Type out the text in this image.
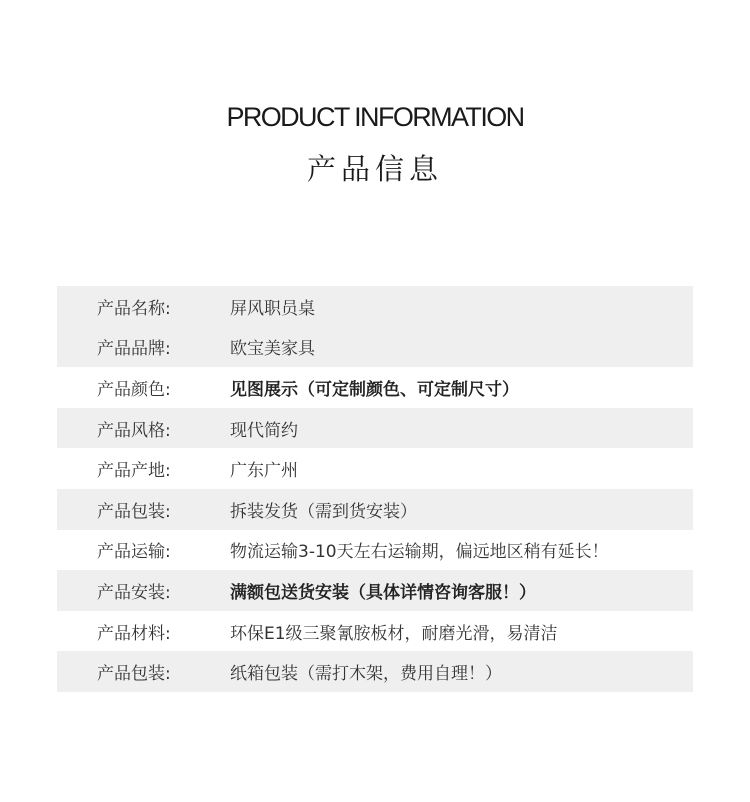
PRODUCT INFORMATION
产品信息
产品名称:	屏风职员桌
产品品牌:	欧宝美家具
产品颜色:	见图展示（可定制颜色、可定制尺寸）
产品风格:	现代简约
产品产地:	广东广州
产品包装:	拆装发货（需到货安装）
产品运输:	物流运输3-10天左右运输期，偏远地区稍有延长！
产品安装:	满额包送货安装（具体详情咨询客服！）
产品材料:	环保E1级三聚氰胺板材，耐磨光滑，易清洁
产品包装:	纸箱包装（需打木架，费用自理！）
